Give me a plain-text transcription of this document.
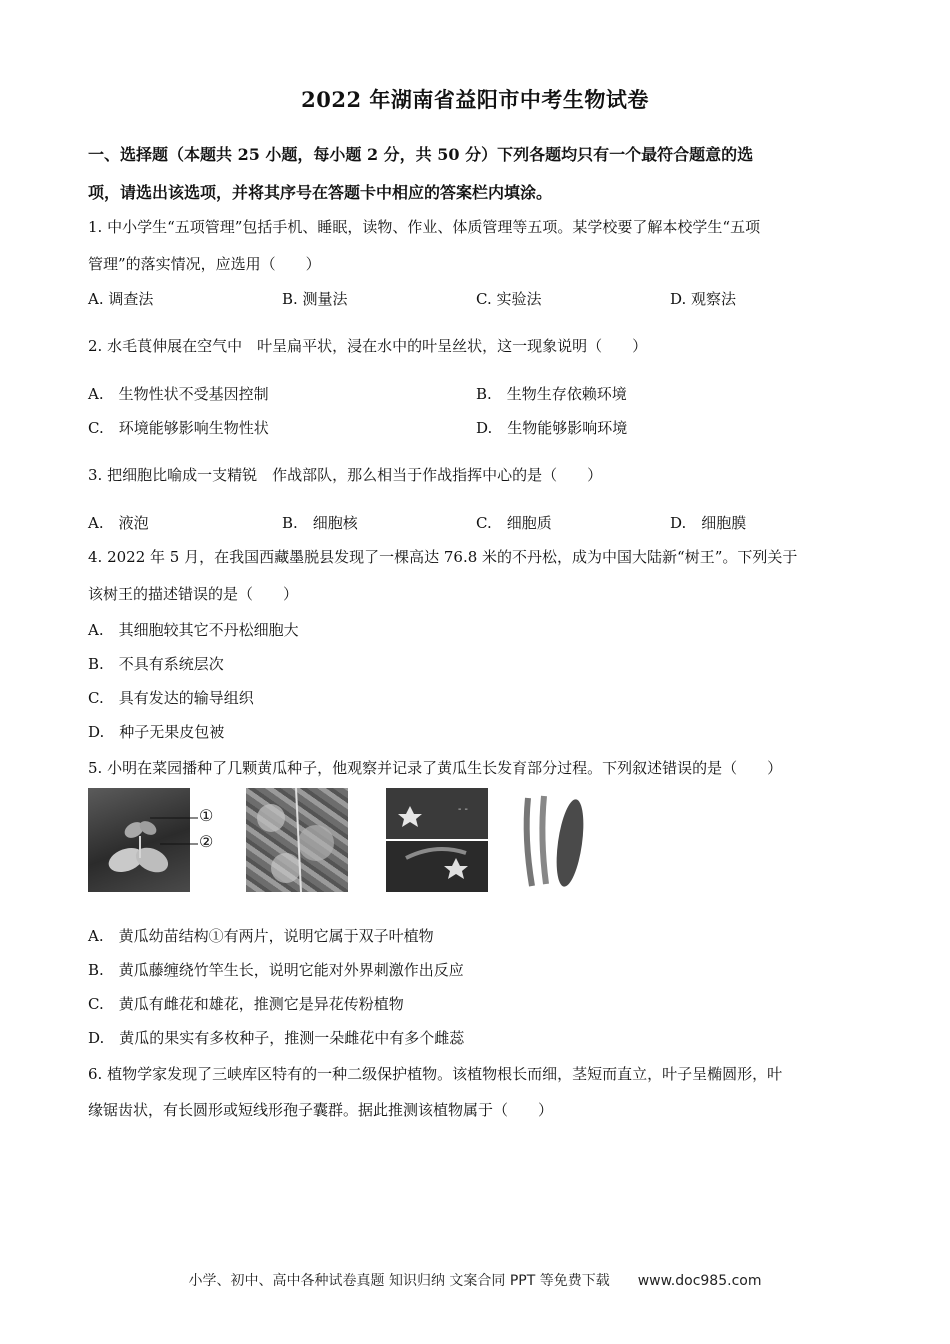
2022 年湖南省益阳市中考生物试卷
一、选择题（本题共 25 小题，每小题 2 分，共 50 分）下列各题均只有一个最符合题意的选
项，请选出该选项，并将其序号在答题卡中相应的答案栏内填涂。
1. 中小学生“五项管理”包括手机、睡眠，读物、作业、体质管理等五项。某学校要了解本校学生“五项
管理”的落实情况，应选用（　　）
A. 调查法	B. 测量法	C. 实验法	D. 观察法
2. 水毛茛伸展在空气中　叶呈扁平状，浸在水中的叶呈丝状，这一现象说明（　　）
A.　生物性状不受基因控制	B.　生物生存依赖环境
C.　环境能够影响生物性状	D.　生物能够影响环境
3. 把细胞比喻成一支精锐　作战部队，那么相当于作战指挥中心的是（　　）
A.　液泡	B.　细胞核	C.　细胞质	D.　细胞膜
4. 2022 年 5 月，在我国西藏墨脱县发现了一棵高达 76.8 米的不丹松，成为中国大陆新“树王”。下列关于
该树王的描述错误的是（　　）
A.　其细胞较其它不丹松细胞大
B.　不具有系统层次
C.　具有发达的输导组织
D.　种子无果皮包被
5. 小明在菜园播种了几颗黄瓜种子，他观察并记录了黄瓜生长发育部分过程。下列叙述错误的是（　　）
①
②
- -
A.　黄瓜幼苗结构①有两片，说明它属于双子叶植物
B.　黄瓜藤缠绕竹竿生长，说明它能对外界刺激作出反应
C.　黄瓜有雌花和雄花，推测它是异花传粉植物
D.　黄瓜的果实有多枚种子，推测一朵雌花中有多个雌蕊
6. 植物学家发现了三峡库区特有的一种二级保护植物。该植物根长而细，茎短而直立，叶子呈椭圆形，叶
缘锯齿状，有长圆形或短线形孢子囊群。据此推测该植物属于（　　）
小学、初中、高中各种试卷真题 知识归纳 文案合同 PPT 等免费下载　　www.doc985.com
